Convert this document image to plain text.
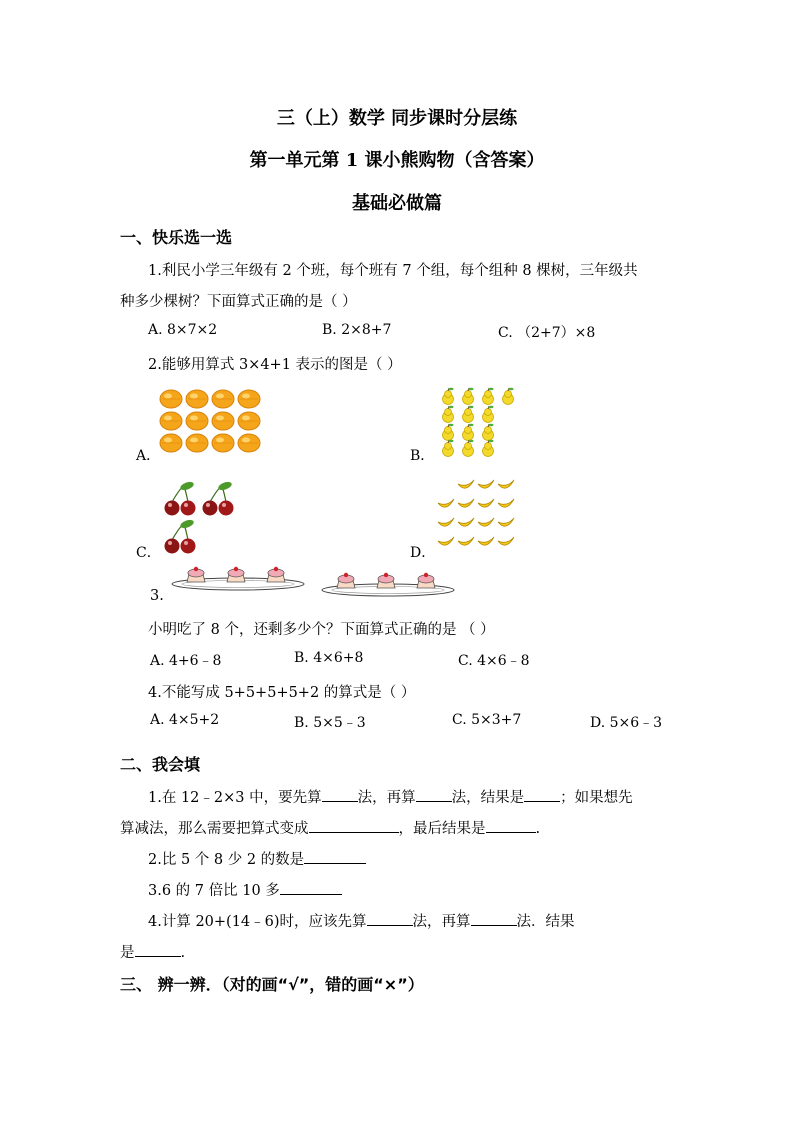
三（上）数学 同步课时分层练
第一单元第 1 课小熊购物（含答案）
基础必做篇
一、快乐选一选
1.利民小学三年级有 2 个班，每个班有 7 个组，每个组种 8 棵树，三年级共
种多少棵树？下面算式正确的是（ ）
A. 8×7×2	B. 2×8+7	C. （2+7）×8
2.能够用算式 3×4+1 表示的图是（ ）
A．	B．
C．	D．
3.
小明吃了 8 个，还剩多少个？下面算式正确的是 （ ）
A. 4+6﹣8	B. 4×6+8	C. 4×6﹣8
4.不能写成 5+5+5+5+2 的算式是（ ）
A. 4×5+2	B. 5×5﹣3	C. 5×3+7	D. 5×6﹣3
二、我会填
1.在 12﹣2×3 中，要先算 法，再算 法，结果是 ；如果想先
算减法，那么需要把算式变成	，最后结果是	.
2.比 5 个 8 少 2 的数是
3.6 的 7 倍比 10 多
4.计算 20+(14﹣6)时，应该先算	法，再算	法．结果
是	.
三、 辨一辨．（对的画“√”，错的画“×”）
